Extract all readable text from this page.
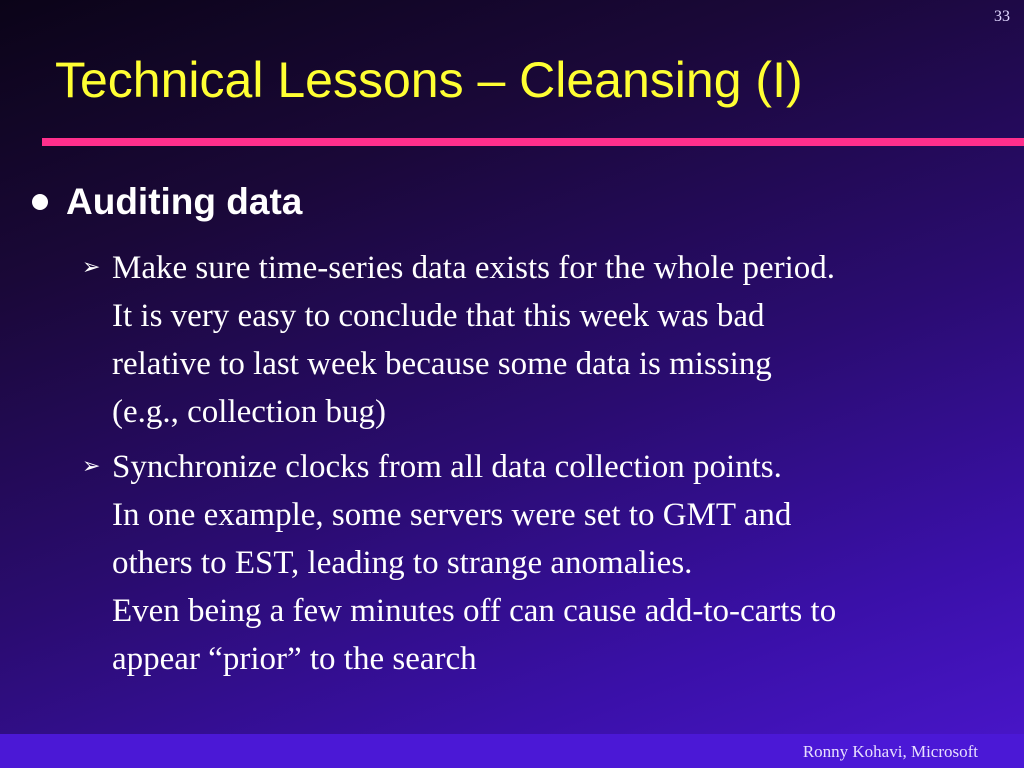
33
Technical Lessons – Cleansing (I)
Auditing data
➢ Make sure time-series data exists for the whole period.
It is very easy to conclude that this week was bad
relative to last week because some data is missing
(e.g., collection bug)
➢ Synchronize clocks from all data collection points.
In one example, some servers were set to GMT and
others to EST, leading to strange anomalies.
Even being a few minutes off can cause add-to-carts to
appear “prior” to the search
Ronny Kohavi, Microsoft
